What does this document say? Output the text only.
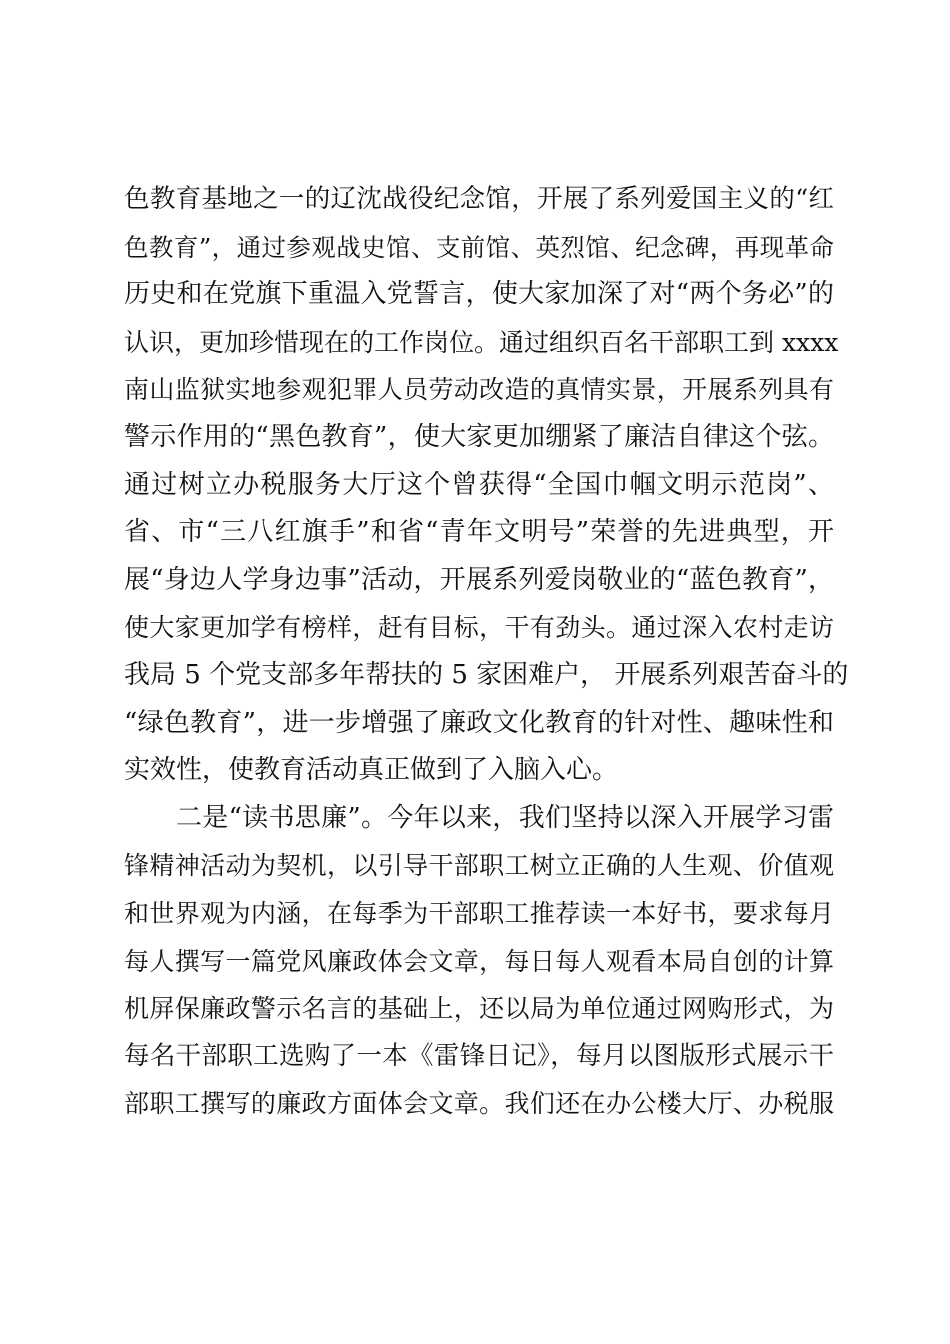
色教育基地之一的辽沈战役纪念馆，开展了系列爱国主义的“红
色教育”，通过参观战史馆、支前馆、英烈馆、纪念碑，再现革命
历史和在党旗下重温入党誓言，使大家加深了对“两个务必”的
认识，更加珍惜现在的工作岗位。通过组织百名干部职工到 xxxx
南山监狱实地参观犯罪人员劳动改造的真情实景，开展系列具有
警示作用的“黑色教育”，使大家更加绷紧了廉洁自律这个弦。
通过树立办税服务大厅这个曾获得“全国巾帼文明示范岗”、
省、市“三八红旗手”和省“青年文明号”荣誉的先进典型，开
展“身边人学身边事”活动，开展系列爱岗敬业的“蓝色教育”，
使大家更加学有榜样，赶有目标，干有劲头。通过深入农村走访
我局 5 个党支部多年帮扶的 5 家困难户， 开展系列艰苦奋斗的
“绿色教育”，进一步增强了廉政文化教育的针对性、趣味性和
实效性，使教育活动真正做到了入脑入心。
二是“读书思廉”。今年以来，我们坚持以深入开展学习雷
锋精神活动为契机，以引导干部职工树立正确的人生观、价值观
和世界观为内涵，在每季为干部职工推荐读一本好书，要求每月
每人撰写一篇党风廉政体会文章，每日每人观看本局自创的计算
机屏保廉政警示名言的基础上，还以局为单位通过网购形式，为
每名干部职工选购了一本《雷锋日记》，每月以图版形式展示干
部职工撰写的廉政方面体会文章。我们还在办公楼大厅、办税服
